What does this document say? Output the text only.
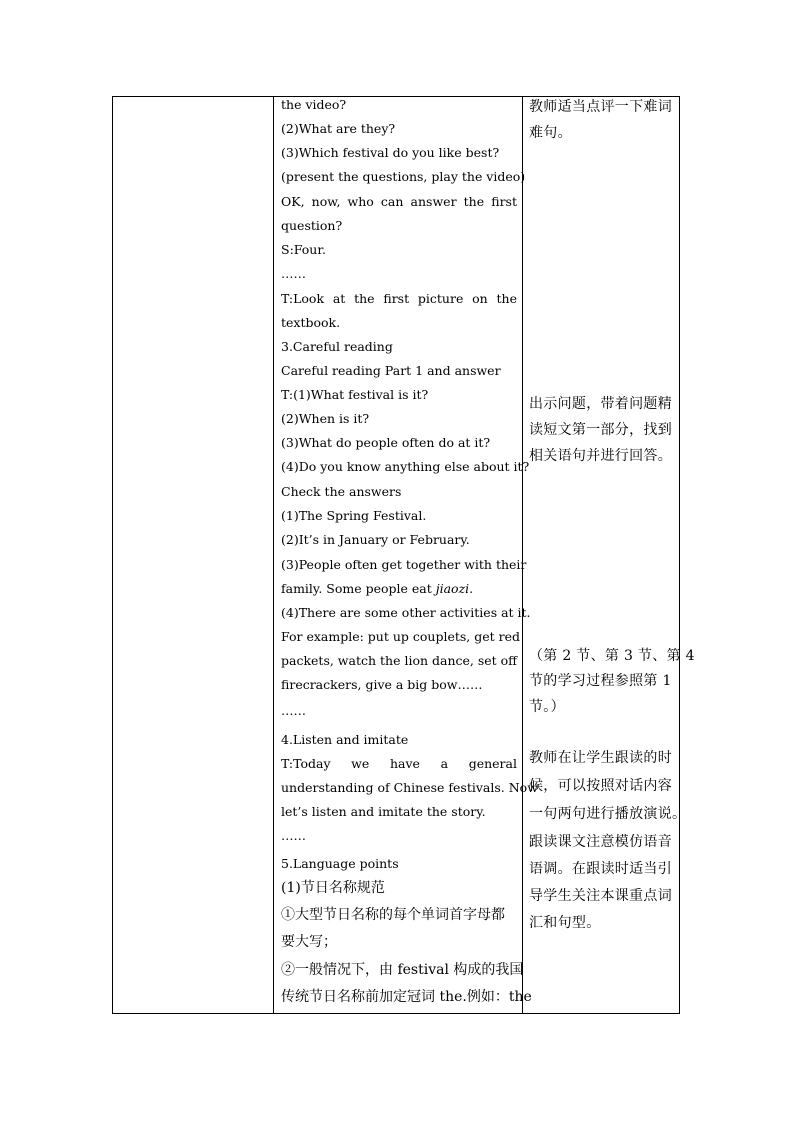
the video?
(2)What are they?
(3)Which festival do you like best?
(present the questions, play the video)
OK, now, who can answer the first
question?
S:Four.
……
T:Look at the first picture on the
textbook.
3.Careful reading
Careful reading Part 1 and answer
T:(1)What festival is it?
(2)When is it?
(3)What do people often do at it?
(4)Do you know anything else about it?
Check the answers
(1)The Spring Festival.
(2)It’s in January or February.
(3)People often get together with their
family. Some people eat jiaozi.
(4)There are some other activities at it.
For example: put up couplets, get red
packets, watch the lion dance, set off
firecrackers, give a big bow……
……
4.Listen and imitate
T:Today we have a general
understanding of Chinese festivals. Now
let’s listen and imitate the story.
……
5.Language points
(1)节日名称规范
①大型节日名称的每个单词首字母都
要大写；
②一般情况下，由 festival 构成的我国
传统节日名称前加定冠词 the.例如：the
教师适当点评一下难词
难句。
出示问题，带着问题精
读短文第一部分，找到
相关语句并进行回答。
（第 2 节、第 3 节、第 4
节的学习过程参照第 1
节。）
教师在让学生跟读的时
候，可以按照对话内容
一句两句进行播放演说。
跟读课文注意模仿语音
语调。在跟读时适当引
导学生关注本课重点词
汇和句型。
